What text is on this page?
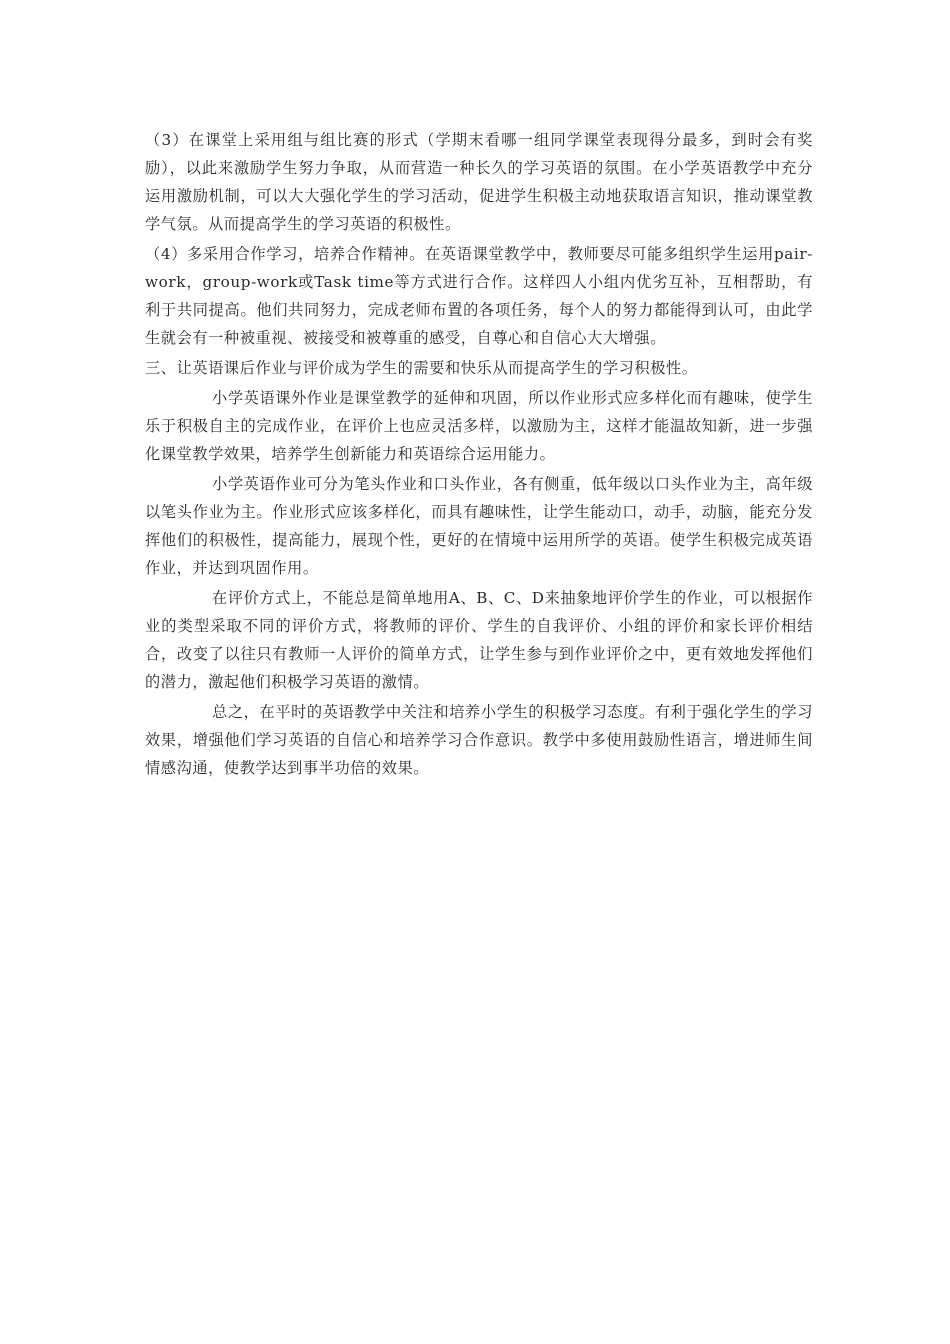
（3）在课堂上采用组与组比赛的形式（学期末看哪一组同学课堂表现得分最多，到时会有奖励），以此来激励学生努力争取，从而营造一种长久的学习英语的氛围。在小学英语教学中充分运用激励机制，可以大大强化学生的学习活动，促进学生积极主动地获取语言知识，推动课堂教学气氛。从而提高学生的学习英语的积极性。

（4）多采用合作学习，培养合作精神。在英语课堂教学中，教师要尽可能多组织学生运用pair-work，group-work或Task time等方式进行合作。这样四人小组内优劣互补，互相帮助，有利于共同提高。他们共同努力，完成老师布置的各项任务，每个人的努力都能得到认可，由此学生就会有一种被重视、被接受和被尊重的感受，自尊心和自信心大大增强。

三、让英语课后作业与评价成为学生的需要和快乐从而提高学生的学习积极性。

小学英语课外作业是课堂教学的延伸和巩固，所以作业形式应多样化而有趣味，使学生乐于积极自主的完成作业，在评价上也应灵活多样，以激励为主，这样才能温故知新，进一步强化课堂教学效果，培养学生创新能力和英语综合运用能力。

小学英语作业可分为笔头作业和口头作业，各有侧重，低年级以口头作业为主，高年级以笔头作业为主。作业形式应该多样化，而具有趣味性，让学生能动口，动手，动脑，能充分发挥他们的积极性，提高能力，展现个性，更好的在情境中运用所学的英语。使学生积极完成英语作业，并达到巩固作用。

在评价方式上，不能总是简单地用A、B、C、D来抽象地评价学生的作业，可以根据作业的类型采取不同的评价方式，将教师的评价、学生的自我评价、小组的评价和家长评价相结合，改变了以往只有教师一人评价的简单方式，让学生参与到作业评价之中，更有效地发挥他们的潜力，激起他们积极学习英语的激情。

总之，在平时的英语教学中关注和培养小学生的积极学习态度。有利于强化学生的学习效果，增强他们学习英语的自信心和培养学习合作意识。教学中多使用鼓励性语言，增进师生间情感沟通，使教学达到事半功倍的效果。
